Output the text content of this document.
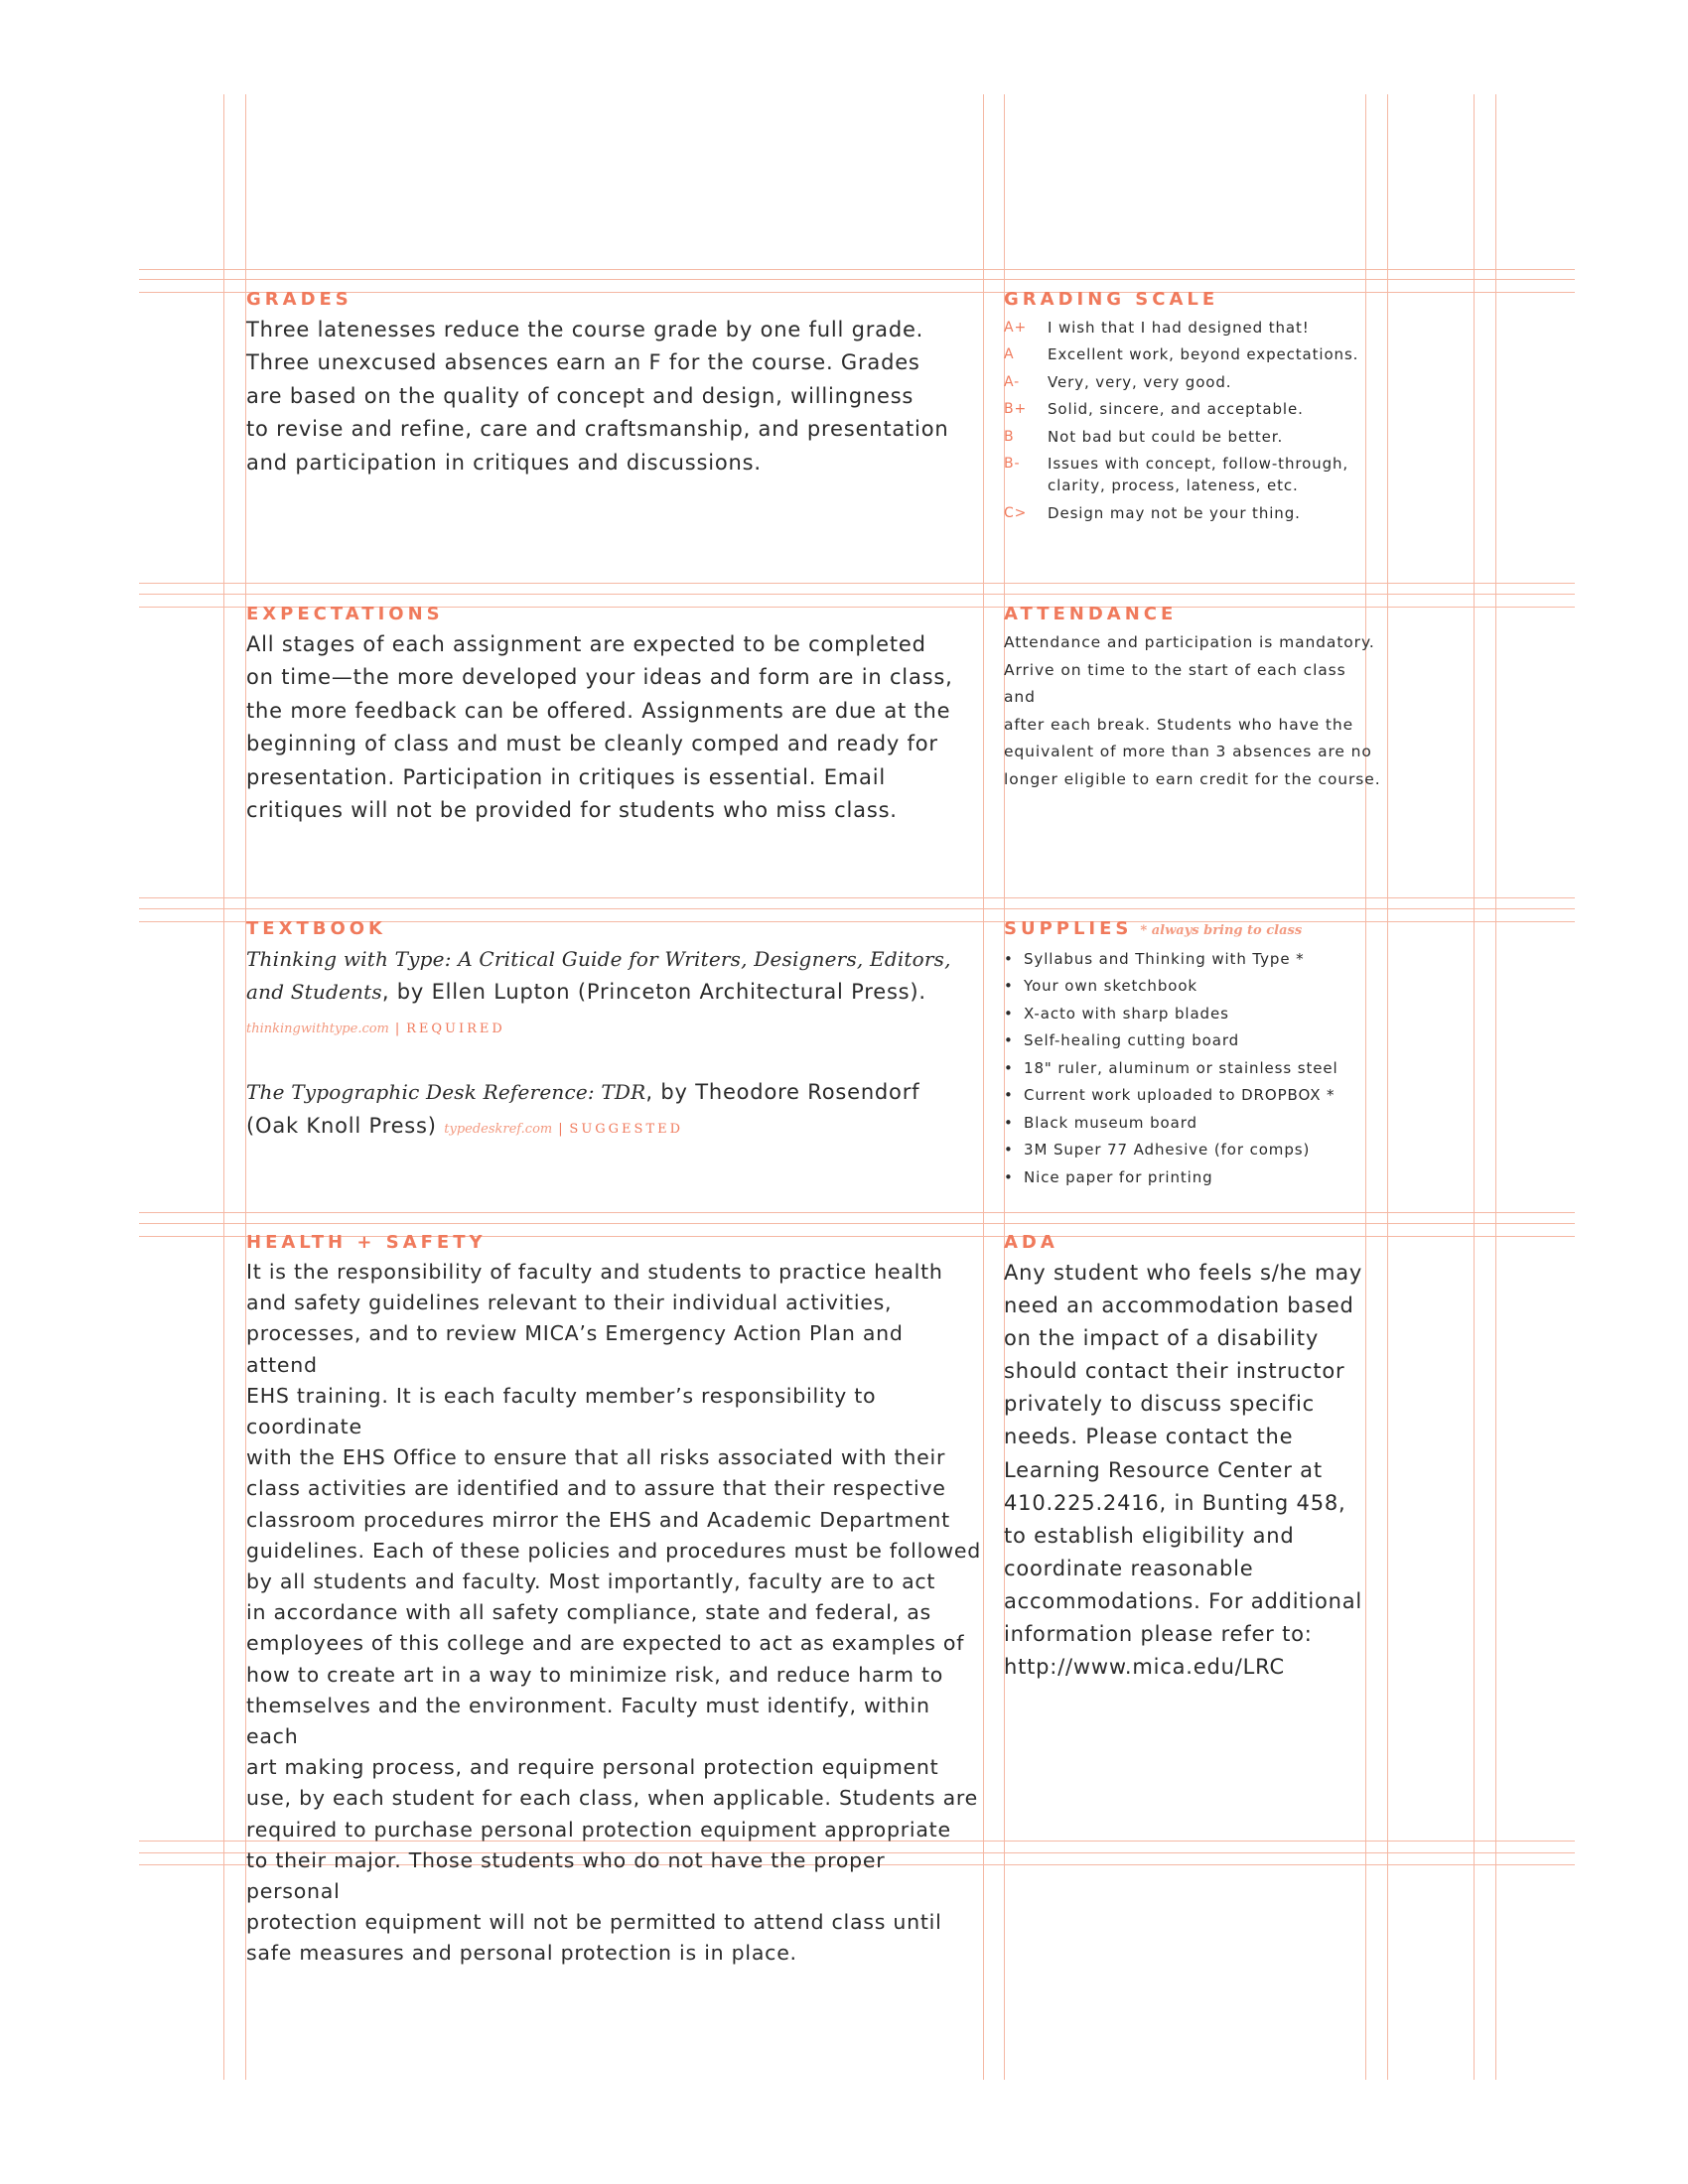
GRADES
Three latenesses reduce the course grade by one full grade.
Three unexcused absences earn an F for the course. Grades
are based on the quality of concept and design, willingness
to revise and refine, care and craftsmanship, and presentation
and participation in critiques and discussions.
GRADING SCALE
A+	I wish that I had designed that!
A	Excellent work, beyond expectations.
A-	Very, very, very good.
B+	Solid, sincere, and acceptable.
B	Not bad but could be better.
B-	Issues with concept, follow-through,
clarity, process, lateness, etc.
C>	Design may not be your thing.
EXPECTATIONS
All stages of each assignment are expected to be completed
on time—the more developed your ideas and form are in class,
the more feedback can be offered. Assignments are due at the
beginning of class and must be cleanly comped and ready for
presentation. Participation in critiques is essential. Email
critiques will not be provided for students who miss class.
ATTENDANCE
Attendance and participation is mandatory.
Arrive on time to the start of each class and
after each break. Students who have the
equivalent of more than 3 absences are no
longer eligible to earn credit for the course.
TEXTBOOK
Thinking with Type: A Critical Guide for Writers, Designers, Editors,
and Students, by Ellen Lupton (Princeton Architectural Press).
thinkingwithtype.com | REQUIRED
The Typographic Desk Reference: TDR, by Theodore Rosendorf
(Oak Knoll Press) typedeskref.com | SUGGESTED
SUPPLIES * always bring to class
• Syllabus and Thinking with Type *
• Your own sketchbook
• X-acto with sharp blades
• Self-healing cutting board
• 18" ruler, aluminum or stainless steel
• Current work uploaded to DROPBOX *
• Black museum board
• 3M Super 77 Adhesive (for comps)
• Nice paper for printing
HEALTH + SAFETY
It is the responsibility of faculty and students to practice health
and safety guidelines relevant to their individual activities,
processes, and to review MICA’s Emergency Action Plan and attend
EHS training. It is each faculty member’s responsibility to coordinate
with the EHS Office to ensure that all risks associated with their
class activities are identified and to assure that their respective
classroom procedures mirror the EHS and Academic Department
guidelines. Each of these policies and procedures must be followed
by all students and faculty. Most importantly, faculty are to act
in accordance with all safety compliance, state and federal, as
employees of this college and are expected to act as examples of
how to create art in a way to minimize risk, and reduce harm to
themselves and the environment. Faculty must identify, within each
art making process, and require personal protection equipment
use, by each student for each class, when applicable. Students are
required to purchase personal protection equipment appropriate
to their major. Those students who do not have the proper personal
protection equipment will not be permitted to attend class until
safe measures and personal protection is in place.
ADA
Any student who feels s/he may
need an accommodation based
on the impact of a disability
should contact their instructor
privately to discuss specific
needs. Please contact the
Learning Resource Center at
410.225.2416, in Bunting 458,
to establish eligibility and
coordinate reasonable
accommodations. For additional
information please refer to:
http://www.mica.edu/LRC
